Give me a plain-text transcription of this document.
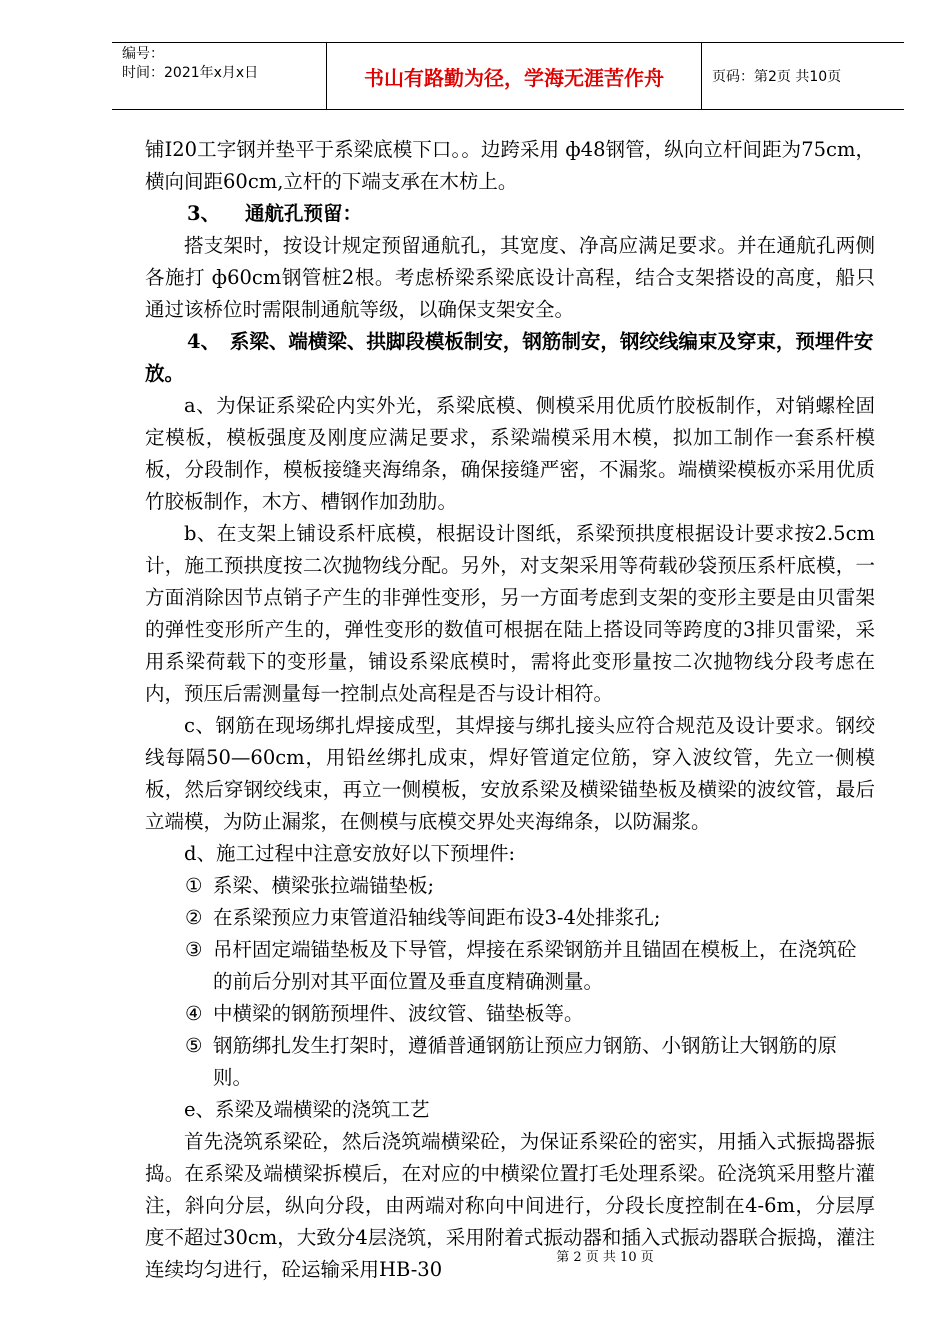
编号：
时间：2021年x月x日	书山有路勤为径，学海无涯苦作舟	页码：第2页 共10页

铺I20工字钢并垫平于系梁底模下口。。边跨采用 ф48钢管，纵向立杆间距为75cm，横向间距60cm,立杆的下端支承在木枋上。

3、 通航孔预留：

搭支架时，按设计规定预留通航孔，其宽度、净高应满足要求。并在通航孔两侧各施打 ф60cm钢管桩2根。考虑桥梁系梁底设计高程，结合支架搭设的高度，船只通过该桥位时需限制通航等级，以确保支架安全。

4、　系梁、端横梁、拱脚段模板制安，钢筋制安，钢绞线编束及穿束，预埋件安放。

a、为保证系梁砼内实外光，系梁底模、侧模采用优质竹胶板制作，对销螺栓固定模板，模板强度及刚度应满足要求，系梁端模采用木模，拟加工制作一套系杆模板，分段制作，模板接缝夹海绵条，确保接缝严密，不漏浆。端横梁模板亦采用优质竹胶板制作，木方、槽钢作加劲肋。

b、在支架上铺设系杆底模，根据设计图纸，系梁预拱度根据设计要求按2.5cm计，施工预拱度按二次抛物线分配。另外，对支架采用等荷载砂袋预压系杆底模，一方面消除因节点销子产生的非弹性变形，另一方面考虑到支架的变形主要是由贝雷架的弹性变形所产生的，弹性变形的数值可根据在陆上搭设同等跨度的3排贝雷梁，采用系梁荷载下的变形量，铺设系梁底模时，需将此变形量按二次抛物线分段考虑在内，预压后需测量每一控制点处高程是否与设计相符。

c、钢筋在现场绑扎焊接成型，其焊接与绑扎接头应符合规范及设计要求。钢绞线每隔50—60cm，用铅丝绑扎成束，焊好管道定位筋，穿入波纹管，先立一侧模板，然后穿钢绞线束，再立一侧模板，安放系梁及横梁锚垫板及横梁的波纹管，最后立端模，为防止漏浆，在侧模与底模交界处夹海绵条，以防漏浆。

d、施工过程中注意安放好以下预埋件:

① 系梁、横梁张拉端锚垫板;
② 在系梁预应力束管道沿轴线等间距布设3-4处排浆孔;
③ 吊杆固定端锚垫板及下导管，焊接在系梁钢筋并且锚固在模板上，在浇筑砼的前后分别对其平面位置及垂直度精确测量。
④ 中横梁的钢筋预埋件、波纹管、锚垫板等。
⑤ 钢筋绑扎发生打架时，遵循普通钢筋让预应力钢筋、小钢筋让大钢筋的原则。

e、系梁及端横梁的浇筑工艺

首先浇筑系梁砼，然后浇筑端横梁砼，为保证系梁砼的密实，用插入式振捣器振捣。在系梁及端横梁拆模后，在对应的中横梁位置打毛处理系梁。砼浇筑采用整片灌注，斜向分层，纵向分段，由两端对称向中间进行，分段长度控制在4-6m，分层厚度不超过30cm，大致分4层浇筑，采用附着式振动器和插入式振动器联合振捣，灌注连续均匀进行，砼运输采用HB-30

第 2 页 共 10 页
